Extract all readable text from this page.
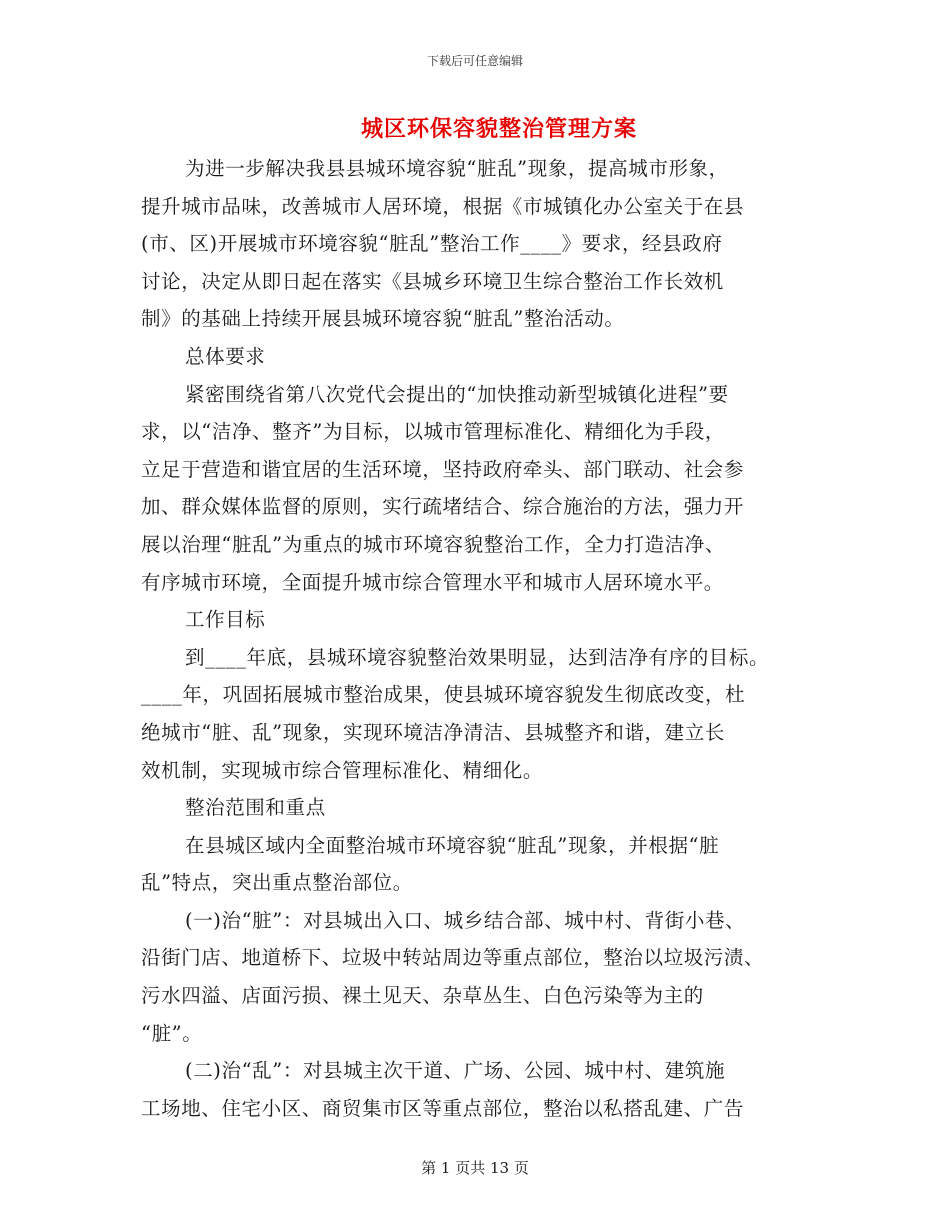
下载后可任意编辑
城区环保容貌整治管理方案
为进一步解决我县县城环境容貌“脏乱”现象，提高城市形象，
提升城市品味，改善城市人居环境，根据《市城镇化办公室关于在县
(市、区)开展城市环境容貌“脏乱”整治工作____》要求，经县政府
讨论，决定从即日起在落实《县城乡环境卫生综合整治工作长效机
制》的基础上持续开展县城环境容貌“脏乱”整治活动。
总体要求
紧密围绕省第八次党代会提出的“加快推动新型城镇化进程”要
求，以“洁净、整齐”为目标，以城市管理标准化、精细化为手段，
立足于营造和谐宜居的生活环境，坚持政府牵头、部门联动、社会参
加、群众媒体监督的原则，实行疏堵结合、综合施治的方法，强力开
展以治理“脏乱”为重点的城市环境容貌整治工作，全力打造洁净、
有序城市环境，全面提升城市综合管理水平和城市人居环境水平。
工作目标
到____年底，县城环境容貌整治效果明显，达到洁净有序的目标。
____年，巩固拓展城市整治成果，使县城环境容貌发生彻底改变，杜
绝城市“脏、乱”现象，实现环境洁净清洁、县城整齐和谐，建立长
效机制，实现城市综合管理标准化、精细化。
整治范围和重点
在县城区域内全面整治城市环境容貌“脏乱”现象，并根据“脏
乱”特点，突出重点整治部位。
(一)治“脏”：对县城出入口、城乡结合部、城中村、背街小巷、
沿街门店、地道桥下、垃圾中转站周边等重点部位，整治以垃圾污渍、
污水四溢、店面污损、裸土见天、杂草丛生、白色污染等为主的
“脏”。
(二)治“乱”：对县城主次干道、广场、公园、城中村、建筑施
工场地、住宅小区、商贸集市区等重点部位，整治以私搭乱建、广告
第 1 页共 13 页
